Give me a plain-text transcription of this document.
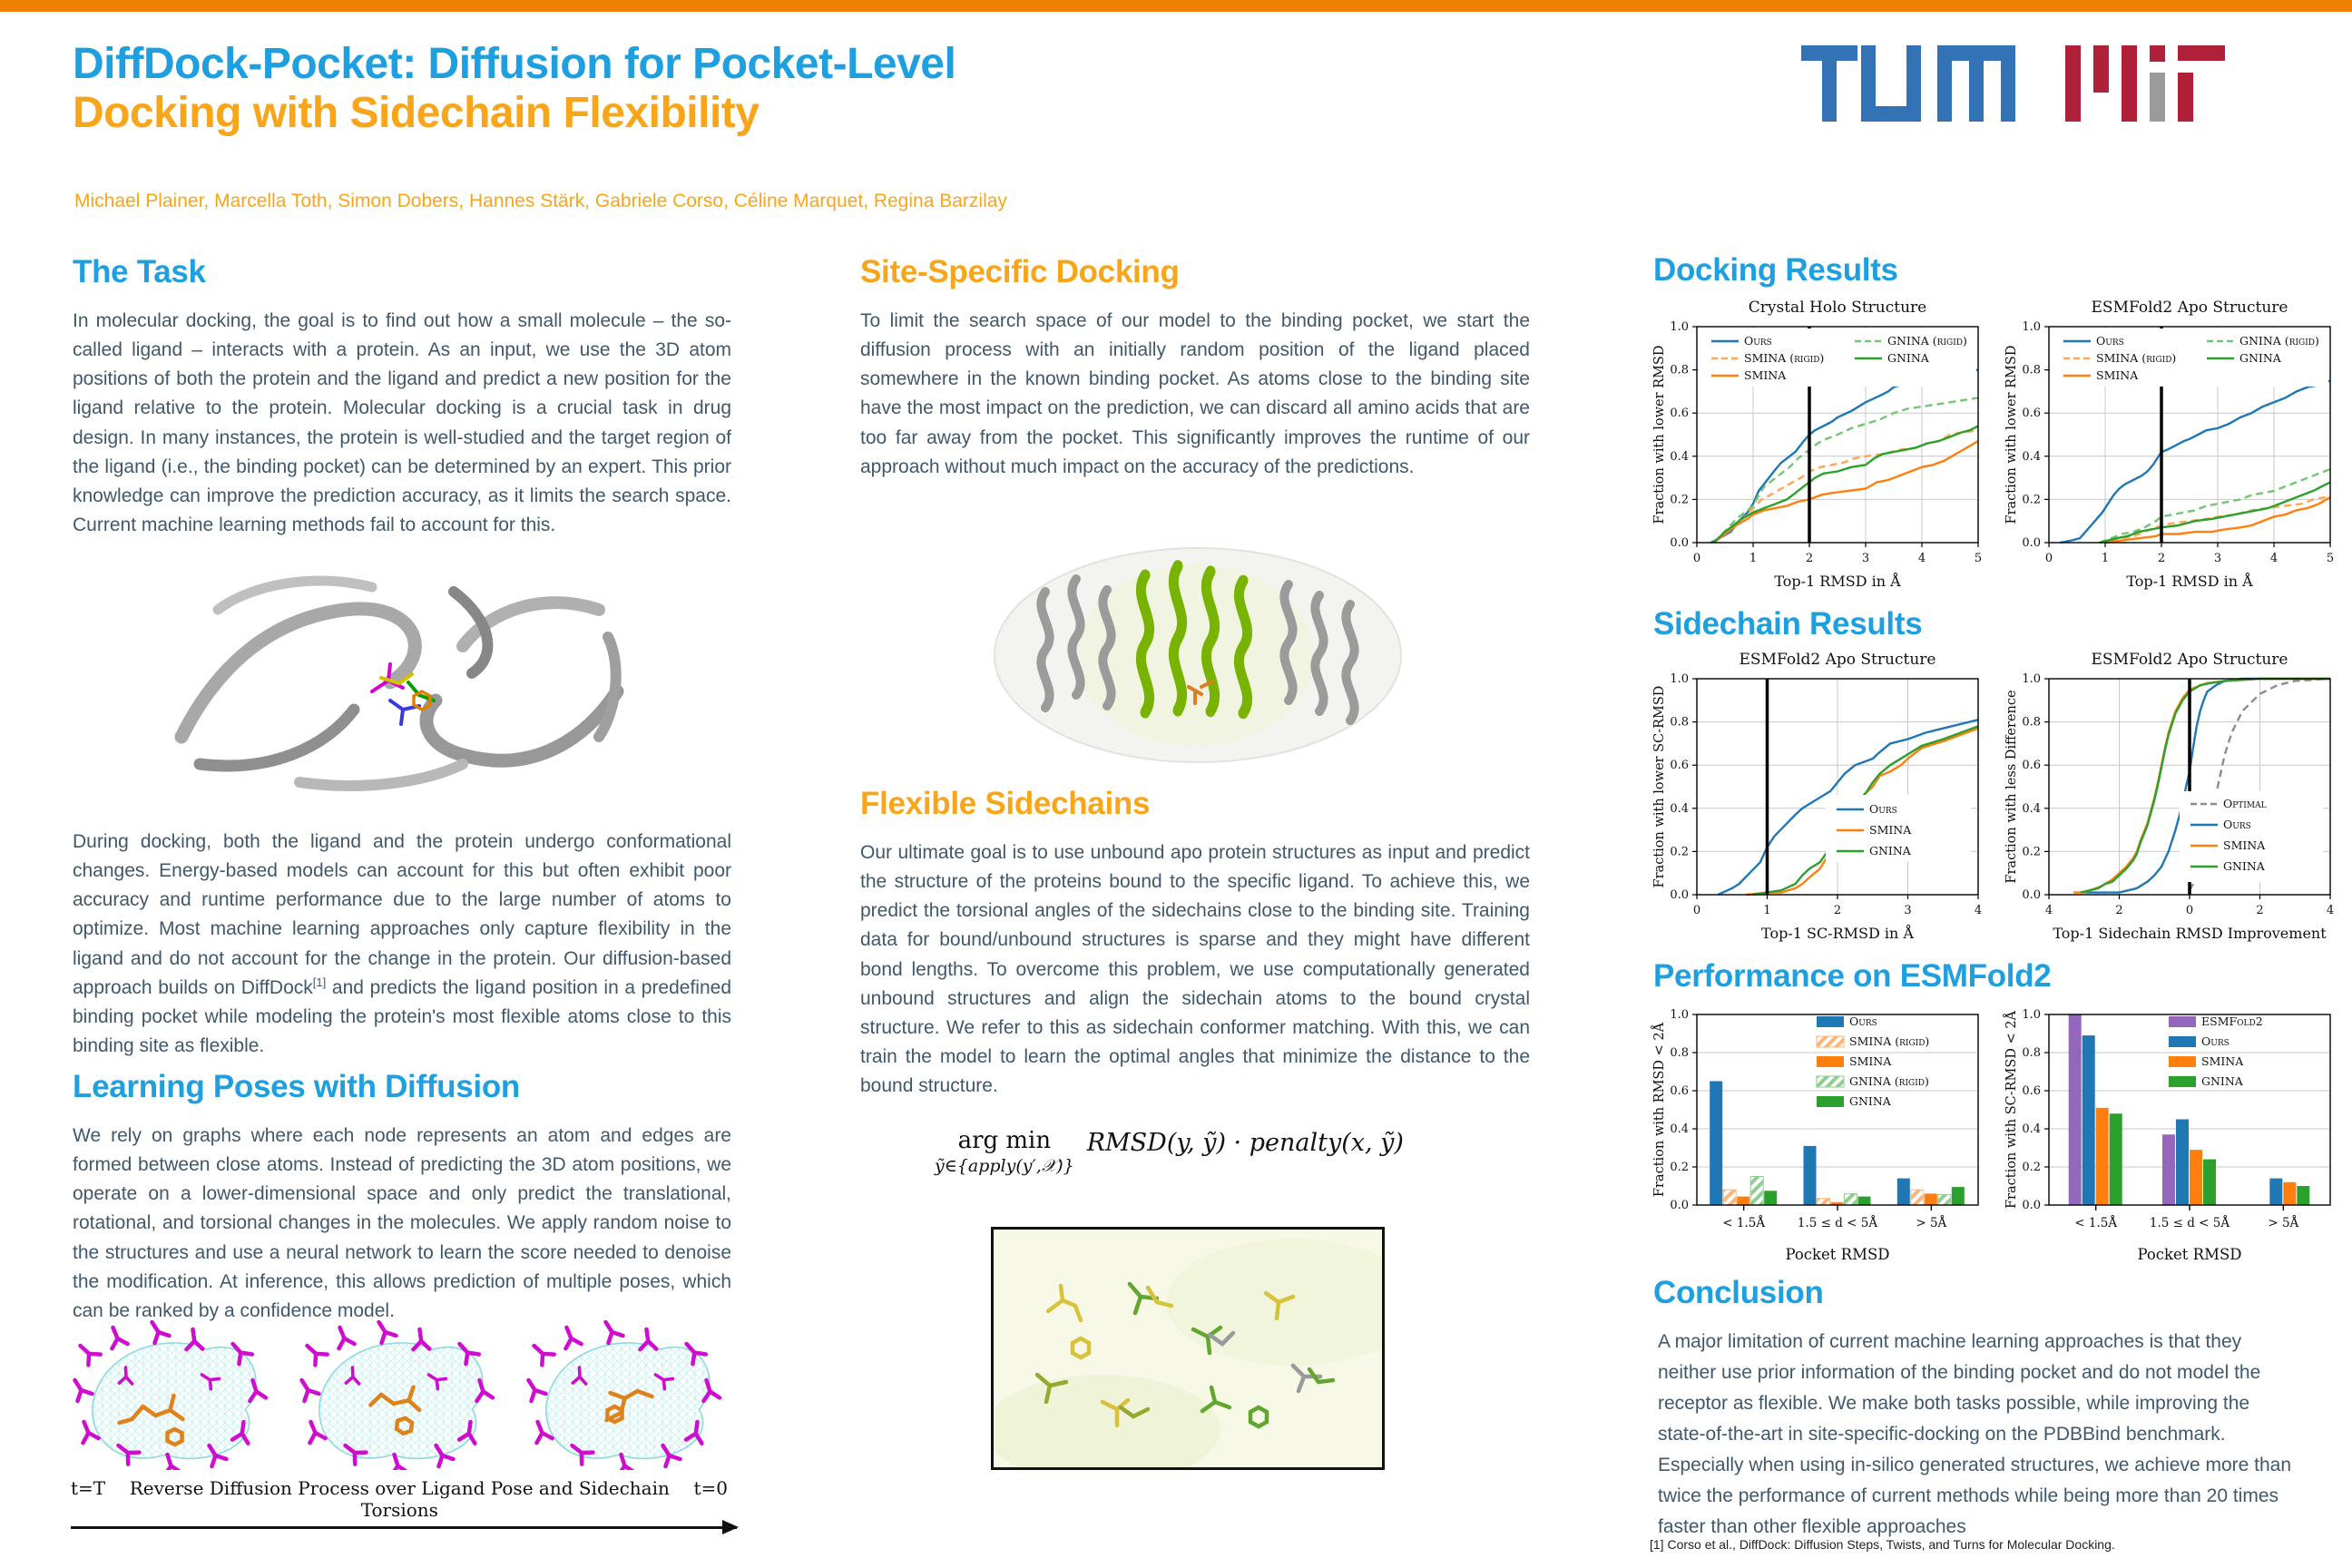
DiffDock-Pocket: Diffusion for Pocket-Level
Docking with Sidechain Flexibility
Michael Plainer, Marcella Toth, Simon Dobers, Hannes Stärk, Gabriele Corso, Céline Marquet, Regina Barzilay
The Task
In molecular docking, the goal is to find out how a small molecule – the so-called ligand – interacts with a protein. As an input, we use the 3D atom positions of both the protein and the ligand and predict a new position for the ligand relative to the protein. Molecular docking is a crucial task in drug design. In many instances, the protein is well-studied and the target region of the ligand (i.e., the binding pocket) can be determined by an expert. This prior knowledge can improve the prediction accuracy, as it limits the search space. Current machine learning methods fail to account for this.
During docking, both the ligand and the protein undergo conformational changes. Energy-based models can account for this but often exhibit poor accuracy and runtime performance due to the large number of atoms to optimize. Most machine learning approaches only capture flexibility in the ligand and do not account for the change in the protein. Our diffusion-based approach builds on DiffDock[1] and predicts the ligand position in a predefined binding pocket while modeling the protein's most flexible atoms close to this binding site as flexible.
Learning Poses with Diffusion
We rely on graphs where each node represents an atom and edges are formed between close atoms. Instead of predicting the 3D atom positions, we operate on a lower-dimensional space and only predict the translational, rotational, and torsional changes in the molecules. We apply random noise to the structures and use a neural network to learn the score needed to denoise the modification. At inference, this allows prediction of multiple poses, which can be ranked by a confidence model.
t=T	Reverse Diffusion Process over Ligand Pose and Sidechain Torsions
t=0
Site-Specific Docking
To limit the search space of our model to the binding pocket, we start the diffusion process with an initially random position of the ligand placed somewhere in the known binding pocket. As atoms close to the binding site have the most impact on the prediction, we can discard all amino acids that are too far away from the pocket. This significantly improves the runtime of our approach without much impact on the accuracy of the predictions.
Flexible Sidechains
Our ultimate goal is to use unbound apo protein structures as input and predict the structure of the proteins bound to the specific ligand. To achieve this, we predict the torsional angles of the sidechains close to the binding site. Training data for bound/unbound structures is sparse and they might have different bond lengths. To overcome this problem, we use computationally generated unbound structures and align the sidechain atoms to the bound crystal structure. We refer to this as sidechain conformer matching. With this, we can train the model to learn the optimal angles that minimize the distance to the bound structure.
arg min
ỹ∈{apply(y′,𝒳)}
RMSD(y, ỹ) · penalty(x, ỹ)
Docking Results
0	1	2	3	4	5
0.0
0.2
0.4
0.6
0.8
1.0
Crystal Holo Structure
Top-1 RMSD in Å
Fraction with lower RMSD
Ours
SMINA (rigid)
SMINA
GNINA (rigid)
GNINA
0	1	2	3	4	5
0.0
0.2
0.4
0.6
0.8
1.0
ESMFold2 Apo Structure
Top-1 RMSD in Å
Fraction with lower RMSD
Ours
SMINA (rigid)
SMINA
GNINA (rigid)
GNINA
Sidechain Results
0	1	2	3	4
0.0
0.2
0.4
0.6
0.8
1.0
ESMFold2 Apo Structure
Top-1 SC-RMSD in Å
Fraction with lower SC-RMSD	Ours
SMINA
GNINA
4	2	0	2	4
0.0
0.2
0.4
0.6
0.8
1.0
ESMFold2 Apo Structure
Top-1 Sidechain RMSD Improvement
Fraction with less Difference	Optimal
Ours
SMINA
GNINA
Performance on ESMFold2
< 1.5Å	1.5 ≤ d < 5Å	> 5Å
0.0
0.2
0.4
0.6
0.8
1.0
Pocket RMSD
Fraction with RMSD < 2Å
Ours
SMINA (rigid)
SMINA
GNINA (rigid)
GNINA
< 1.5Å	1.5 ≤ d < 5Å	> 5Å
0.0
0.2
0.4
0.6
0.8
1.0
Pocket RMSD
Fraction with SC-RMSD < 2Å	ESMFold2
Ours
SMINA
GNINA
Conclusion
A major limitation of current machine learning approaches is that they neither use prior information of the binding pocket and do not model the receptor as flexible. We make both tasks possible, while improving the state-of-the-art in site-specific-docking on the PDBBind benchmark. Especially when using in-silico generated structures, we achieve more than twice the performance of current methods while being more than 20 times faster than other flexible approaches
[1] Corso et al., DiffDock: Diffusion Steps, Twists, and Turns for Molecular Docking.
